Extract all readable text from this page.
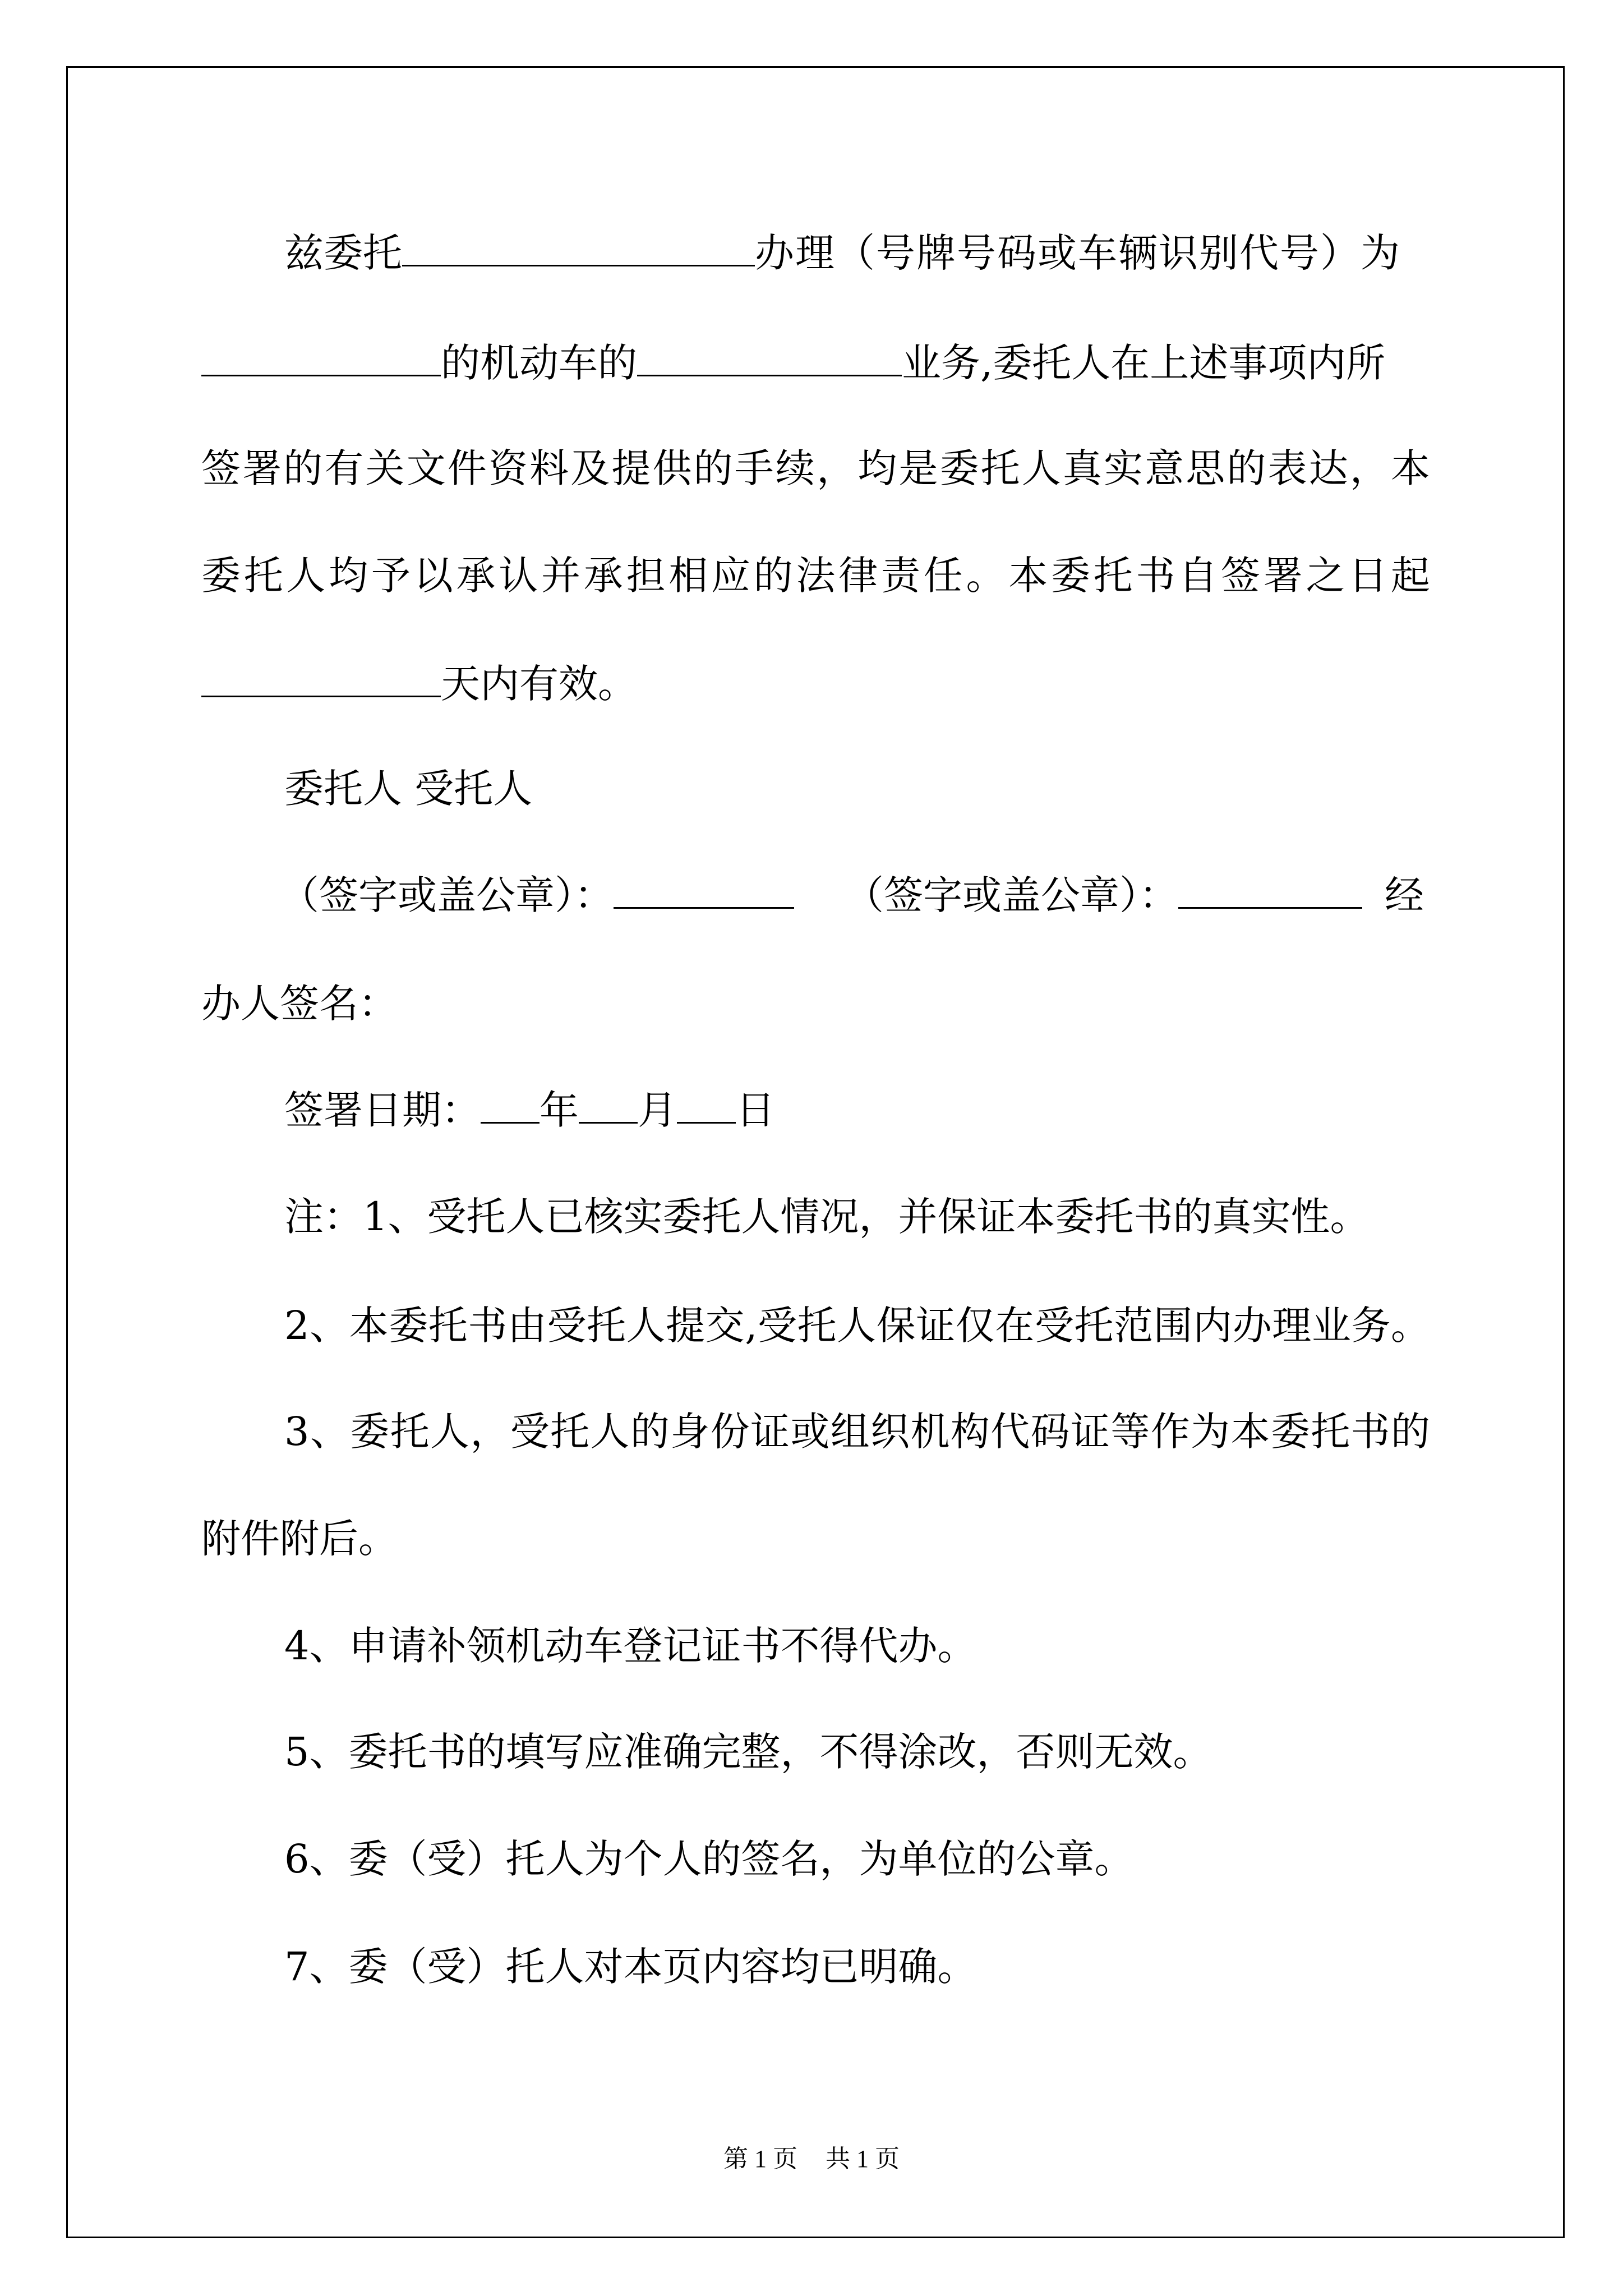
兹委托	办理（号牌号码或车辆识别代号）为
的机动车的	业务,委托人在上述事项内所
签署的有关文件资料及提供的手续，均是委托人真实意思的表达，本
委托人均予以承认并承担相应的法律责任。本委托书自签署之日起
天内有效。
委托人 受托人
（签字或盖公章）：	（签字或盖公章）：	经
办人签名：
签署日期： 年 月 日
注：1、受托人已核实委托人情况，并保证本委托书的真实性。
2、本委托书由受托人提交,受托人保证仅在受托范围内办理业务。
3、委托人，受托人的身份证或组织机构代码证等作为本委托书的
附件附后。
4、申请补领机动车登记证书不得代办。
5、委托书的填写应准确完整，不得涂改，否则无效。
6、委（受）托人为个人的签名，为单位的公章。
7、委（受）托人对本页内容均已明确。
第 1 页 共 1 页
